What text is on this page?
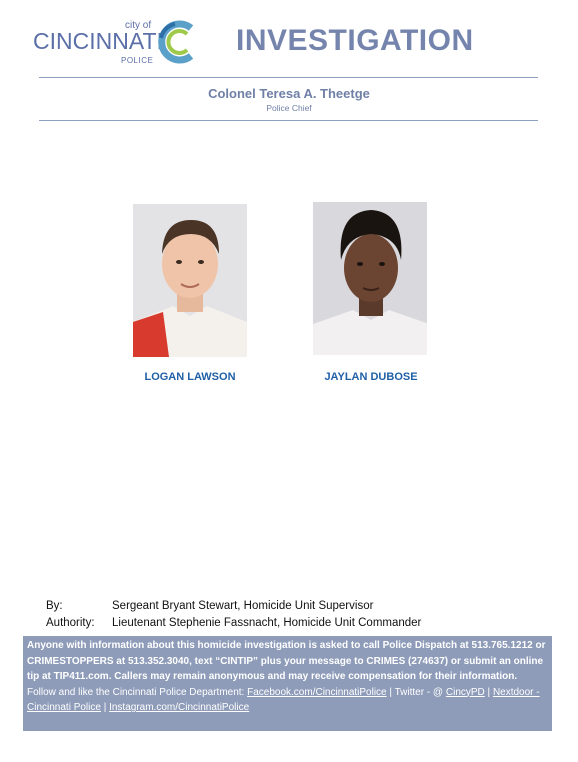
city of
CINCINNATI
POLICE
INVESTIGATION
Colonel Teresa A. Theetge
Police Chief
LOGAN LAWSON	JAYLAN DUBOSE
By:	Sergeant Bryant Stewart, Homicide Unit Supervisor
Authority: Lieutenant Stephenie Fassnacht, Homicide Unit Commander
Anyone with information about this homicide investigation is asked to call Police Dispatch at 513.765.1212 or CRIMESTOPPERS at 513.352.3040, text “CINTIP” plus your message to CRIMES (274637) or submit an online tip at TIP411.com. Callers may remain anonymous and may receive compensation for their information.
Follow and like the Cincinnati Police Department: Facebook.com/CincinnatiPolice | Twitter - @ CincyPD | Nextdoor - Cincinnati Police | Instagram.com/CincinnatiPolice
